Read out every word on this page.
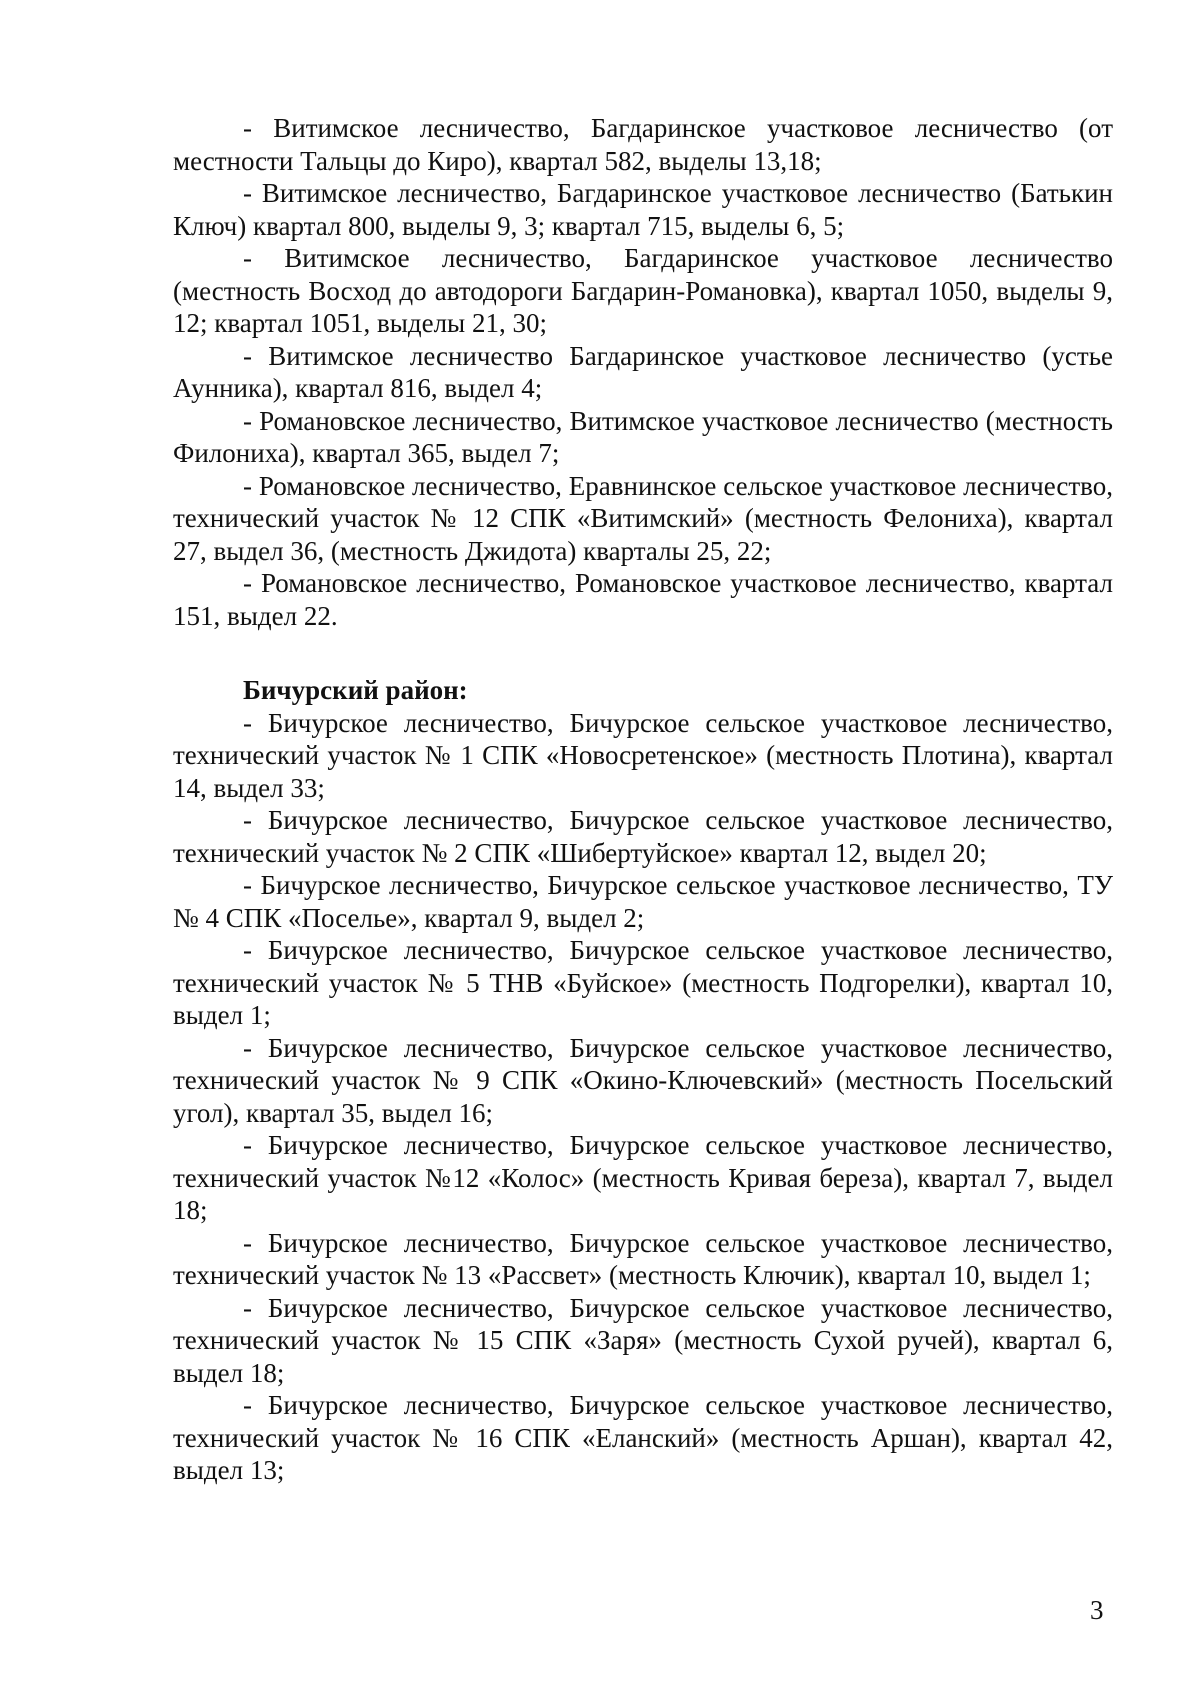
- Витимское лесничество, Багдаринское участковое лесничество (от местности Тальцы до Киро), квартал 582, выделы 13,18;

- Витимское лесничество, Багдаринское участковое лесничество (Батькин Ключ) квартал 800, выделы 9, 3; квартал 715, выделы 6, 5;

- Витимское лесничество, Багдаринское участковое лесничество (местность Восход до автодороги Багдарин-Романовка), квартал 1050, выделы 9, 12; квартал 1051, выделы 21, 30;

- Витимское лесничество Багдаринское участковое лесничество (устье Аунника), квартал 816, выдел 4;

- Романовское лесничество, Витимское участковое лесничество (местность Филониха), квартал 365, выдел 7;

- Романовское лесничество, Еравнинское сельское участковое лесничество, технический участок № 12 СПК «Витимский» (местность Фелониха), квартал 27, выдел 36, (местность Джидота) кварталы 25, 22;

- Романовское лесничество, Романовское участковое лесничество, квартал 151, выдел 22.

Бичурский район:

- Бичурское лесничество, Бичурское сельское участковое лесничество, технический участок № 1 СПК «Новосретенское» (местность Плотина), квартал 14, выдел 33;

- Бичурское лесничество, Бичурское сельское участковое лесничество, технический участок № 2 СПК «Шибертуйское» квартал 12, выдел 20;

- Бичурское лесничество, Бичурское сельское участковое лесничество, ТУ № 4 СПК «Поселье», квартал 9, выдел 2;

- Бичурское лесничество, Бичурское сельское участковое лесничество, технический участок № 5 ТНВ «Буйское» (местность Подгорелки), квартал 10, выдел 1;

- Бичурское лесничество, Бичурское сельское участковое лесничество, технический участок № 9 СПК «Окино-Ключевский» (местность Посельский угол), квартал 35, выдел 16;

- Бичурское лесничество, Бичурское сельское участковое лесничество, технический участок №12 «Колос» (местность Кривая береза), квартал 7, выдел 18;

- Бичурское лесничество, Бичурское сельское участковое лесничество, технический участок № 13 «Рассвет» (местность Ключик), квартал 10, выдел 1;

- Бичурское лесничество, Бичурское сельское участковое лесничество, технический участок № 15 СПК «Заря» (местность Сухой ручей), квартал 6, выдел 18;

- Бичурское лесничество, Бичурское сельское участковое лесничество, технический участок № 16 СПК «Еланский» (местность Аршан), квартал 42, выдел 13;

3
